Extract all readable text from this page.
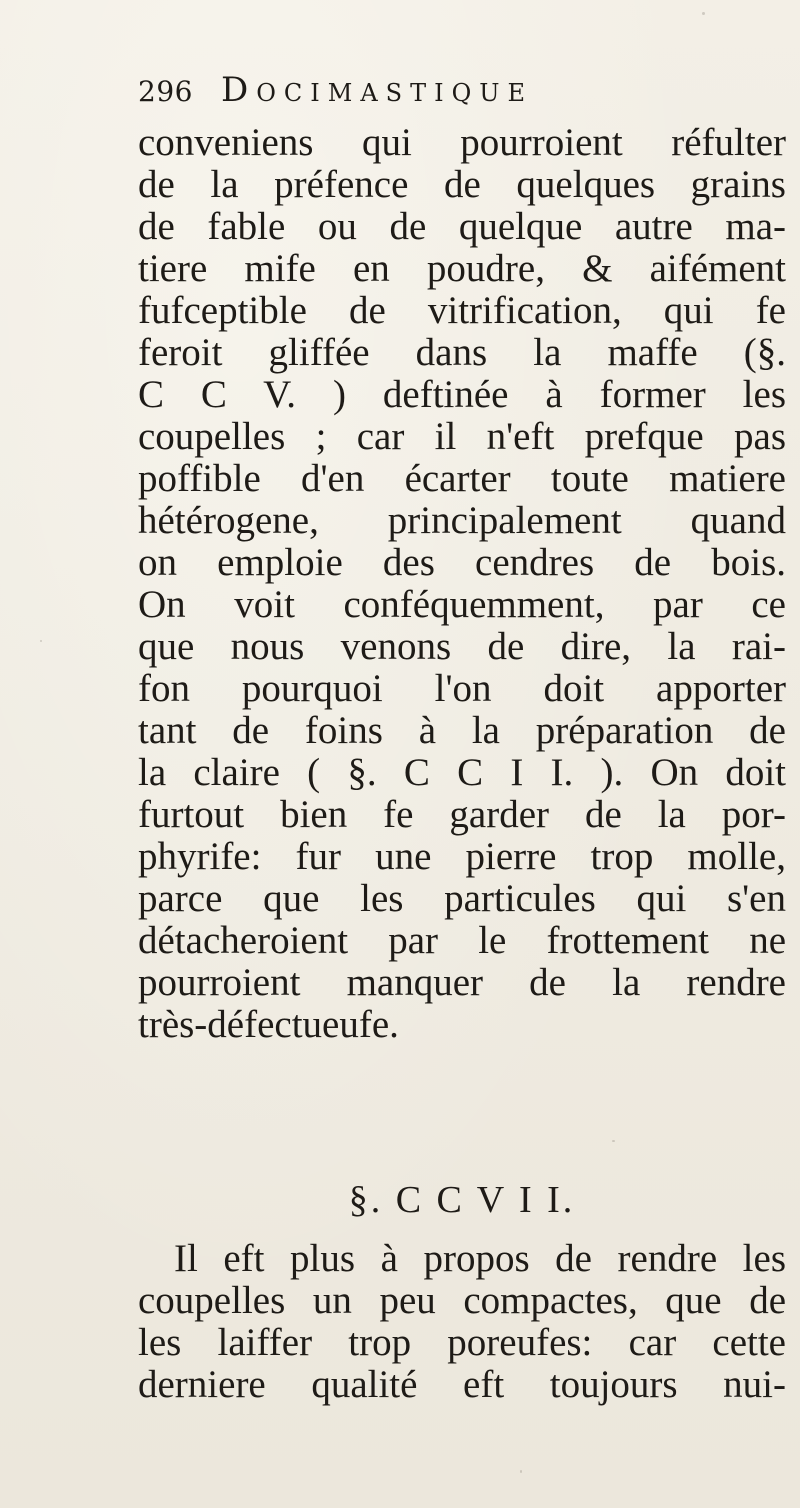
296 Docimastique
conveniens qui pourroient réfulter
de la préfence de quelques grains
de fable ou de quelque autre ma-
tiere mife en poudre, & aifément
fufceptible de vitrification, qui fe
feroit gliffée dans la maffe (§.
C C V. ) deftinée à former les
coupelles ; car il n'eft prefque pas
poffible d'en écarter toute matiere
hétérogene, principalement quand
on emploie des cendres de bois.
On voit conféquemment, par ce
que nous venons de dire, la rai-
fon pourquoi l'on doit apporter
tant de foins à la préparation de
la claire ( §. C C I I. ). On doit
furtout bien fe garder de la por-
phyrife: fur une pierre trop molle,
parce que les particules qui s'en
détacheroient par le frottement ne
pourroient manquer de la rendre
très-défectueufe.
§. C C V I I.
Il eft plus à propos de rendre les
coupelles un peu compactes, que de
les laiffer trop poreufes: car cette
derniere qualité eft toujours nui-
